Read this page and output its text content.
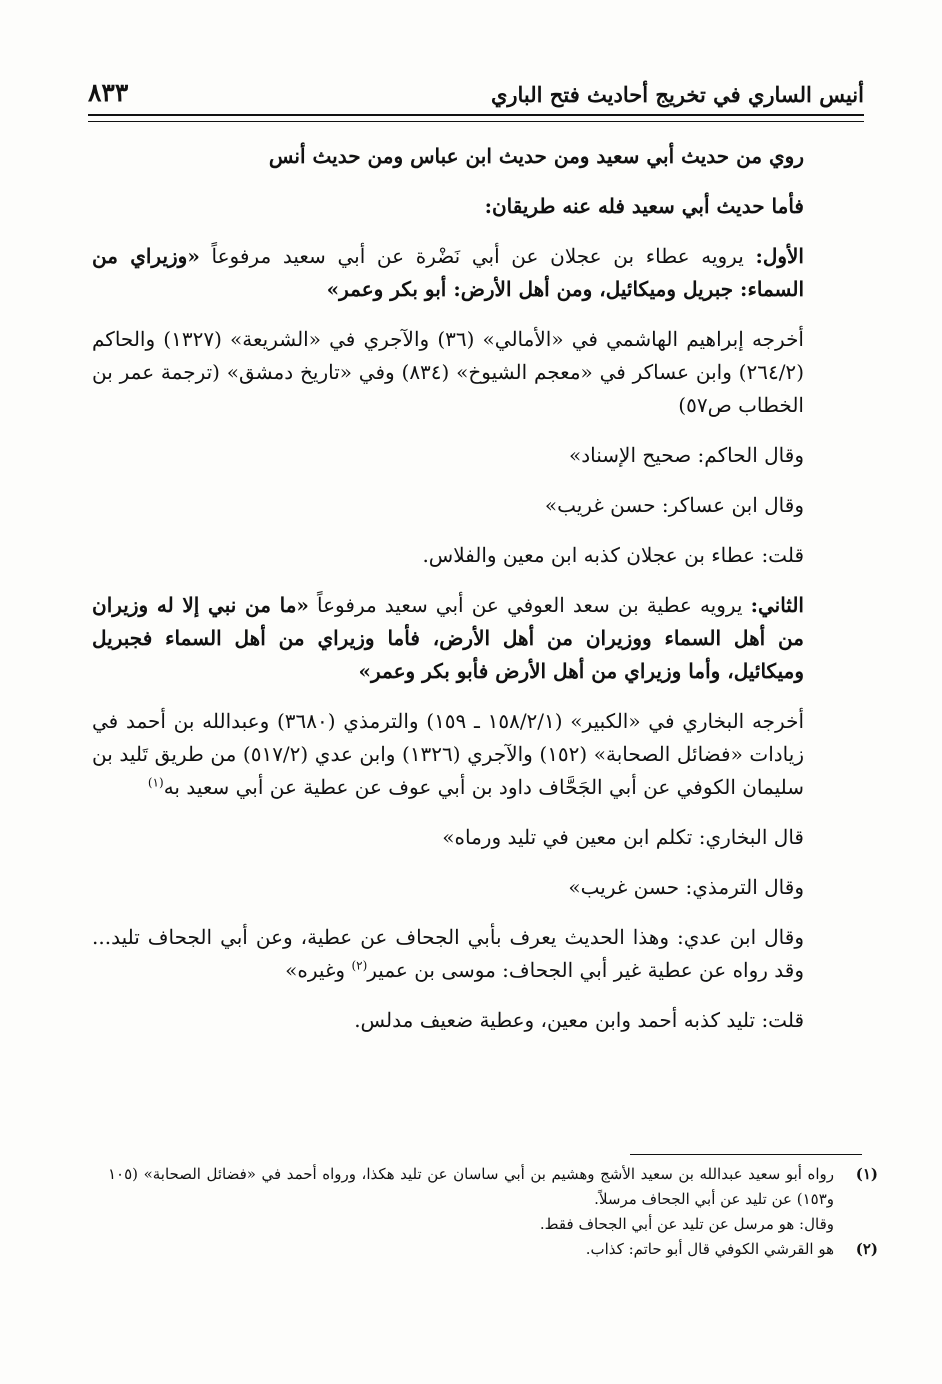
أنيس الساري في تخريج أحاديث فتح الباري
٨٣٣

روي من حديث أبي سعيد ومن حديث ابن عباس ومن حديث أنس

فأما حديث أبي سعيد فله عنه طريقان:

الأول: يرويه عطاء بن عجلان عن أبي نَضْرة عن أبي سعيد مرفوعاً «وزيراي من السماء: جبريل وميكائيل، ومن أهل الأرض: أبو بكر وعمر»

أخرجه إبراهيم الهاشمي في «الأمالي» (٣٦) والآجري في «الشريعة» (١٣٢٧) والحاكم (٢٦٤/٢) وابن عساكر في «معجم الشيوخ» (٨٣٤) وفي «تاريخ دمشق» (ترجمة عمر بن الخطاب ص٥٧)

وقال الحاكم: صحيح الإسناد»

وقال ابن عساكر: حسن غريب»

قلت: عطاء بن عجلان كذبه ابن معين والفلاس.

الثاني: يرويه عطية بن سعد العوفي عن أبي سعيد مرفوعاً «ما من نبي إلا له وزيران من أهل السماء ووزيران من أهل الأرض، فأما وزيراي من أهل السماء فجبريل وميكائيل، وأما وزيراي من أهل الأرض فأبو بكر وعمر»

أخرجه البخاري في «الكبير» (١٥٨/٢/١ ـ ١٥٩) والترمذي (٣٦٨٠) وعبدالله بن أحمد في زيادات «فضائل الصحابة» (١٥٢) والآجري (١٣٢٦) وابن عدي (٥١٧/٢) من طريق تَليد بن سليمان الكوفي عن أبي الجَحَّاف داود بن أبي عوف عن عطية عن أبي سعيد به$^{(١)}$

قال البخاري: تكلم ابن معين في تليد ورماه»

وقال الترمذي: حسن غريب»

وقال ابن عدي: وهذا الحديث يعرف بأبي الجحاف عن عطية، وعن أبي الجحاف تليد... وقد رواه عن عطية غير أبي الجحاف: موسى بن عمير$^{(٢)}$ وغيره»

قلت: تليد كذبه أحمد وابن معين، وعطية ضعيف مدلس.

(١)
رواه أبو سعيد عبدالله بن سعيد الأشج وهشيم بن أبي ساسان عن تليد هكذا، ورواه أحمد في «فضائل الصحابة» (١٠٥ و١٥٣) عن تليد عن أبي الجحاف مرسلاً.

وقال: هو مرسل عن تليد عن أبي الجحاف فقط.

(٢)
هو القرشي الكوفي قال أبو حاتم: كذاب.
